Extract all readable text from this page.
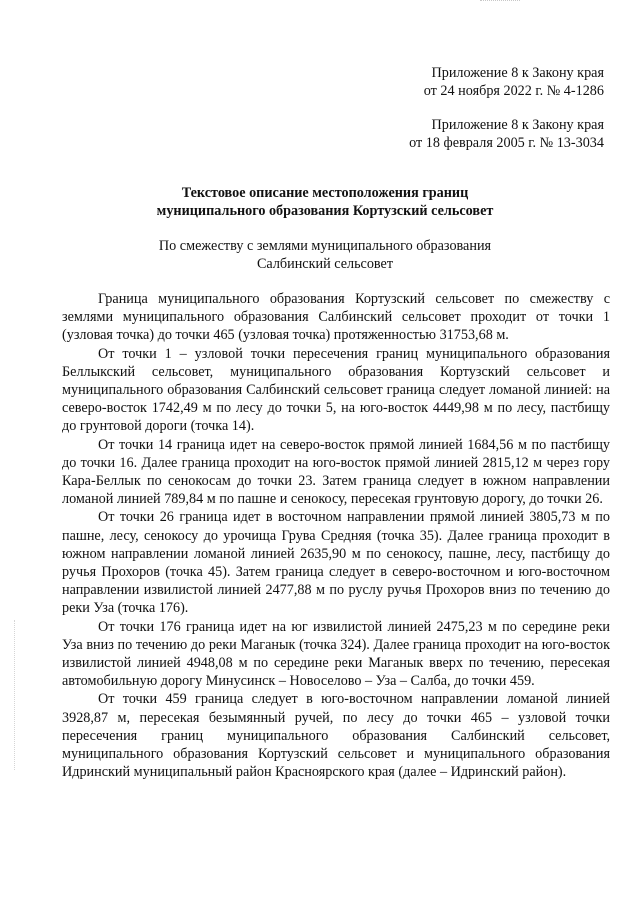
Приложение 8 к Закону края
от 24 ноября 2022 г. № 4-1286
Приложение 8 к Закону края
от 18 февраля 2005 г. № 13-3034
Текстовое описание местоположения границ
муниципального образования Кортузский сельсовет
По смежеству с землями муниципального образования
Салбинский сельсовет

Граница муниципального образования Кортузский сельсовет по смежеству с землями муниципального образования Салбинский сельсовет проходит от точки 1 (узловая точка) до точки 465 (узловая точка) протяженностью 31753,68 м.

От точки 1 – узловой точки пересечения границ муниципального образования Беллыкский сельсовет, муниципального образования Кортузский сельсовет и муниципального образования Салбинский сельсовет граница следует ломаной линией: на северо-восток 1742,49 м по лесу до точки 5, на юго-восток 4449,98 м по лесу, пастбищу до грунтовой дороги (точка 14).

От точки 14 граница идет на северо-восток прямой линией 1684,56 м по пастбищу до точки 16. Далее граница проходит на юго-восток прямой линией 2815,12 м через гору Кара-Беллык по сенокосам до точки 23. Затем граница следует в южном направлении ломаной линией 789,84 м по пашне и сенокосу, пересекая грунтовую дорогу, до точки 26.

От точки 26 граница идет в восточном направлении прямой линией 3805,73 м по пашне, лесу, сенокосу до урочища Грува Средняя (точка 35). Далее граница проходит в южном направлении ломаной линией 2635,90 м по сенокосу, пашне, лесу, пастбищу до ручья Прохоров (точка 45). Затем граница следует в северо-восточном и юго-восточном направлении извилистой линией 2477,88 м по руслу ручья Прохоров вниз по течению до реки Уза (точка 176).

От точки 176 граница идет на юг извилистой линией 2475,23 м по середине реки Уза вниз по течению до реки Маганык (точка 324). Далее граница проходит на юго-восток извилистой линией 4948,08 м по середине реки Маганык вверх по течению, пересекая автомобильную дорогу Минусинск – Новоселово – Уза – Салба, до точки 459.

От точки 459 граница следует в юго-восточном направлении ломаной линией 3928,87 м, пересекая безымянный ручей, по лесу до точки 465 – узловой точки пересечения границ муниципального образования Салбинский сельсовет, муниципального образования Кортузский сельсовет и муниципального образования Идринский муниципальный район Красноярского края (далее – Идринский район).
